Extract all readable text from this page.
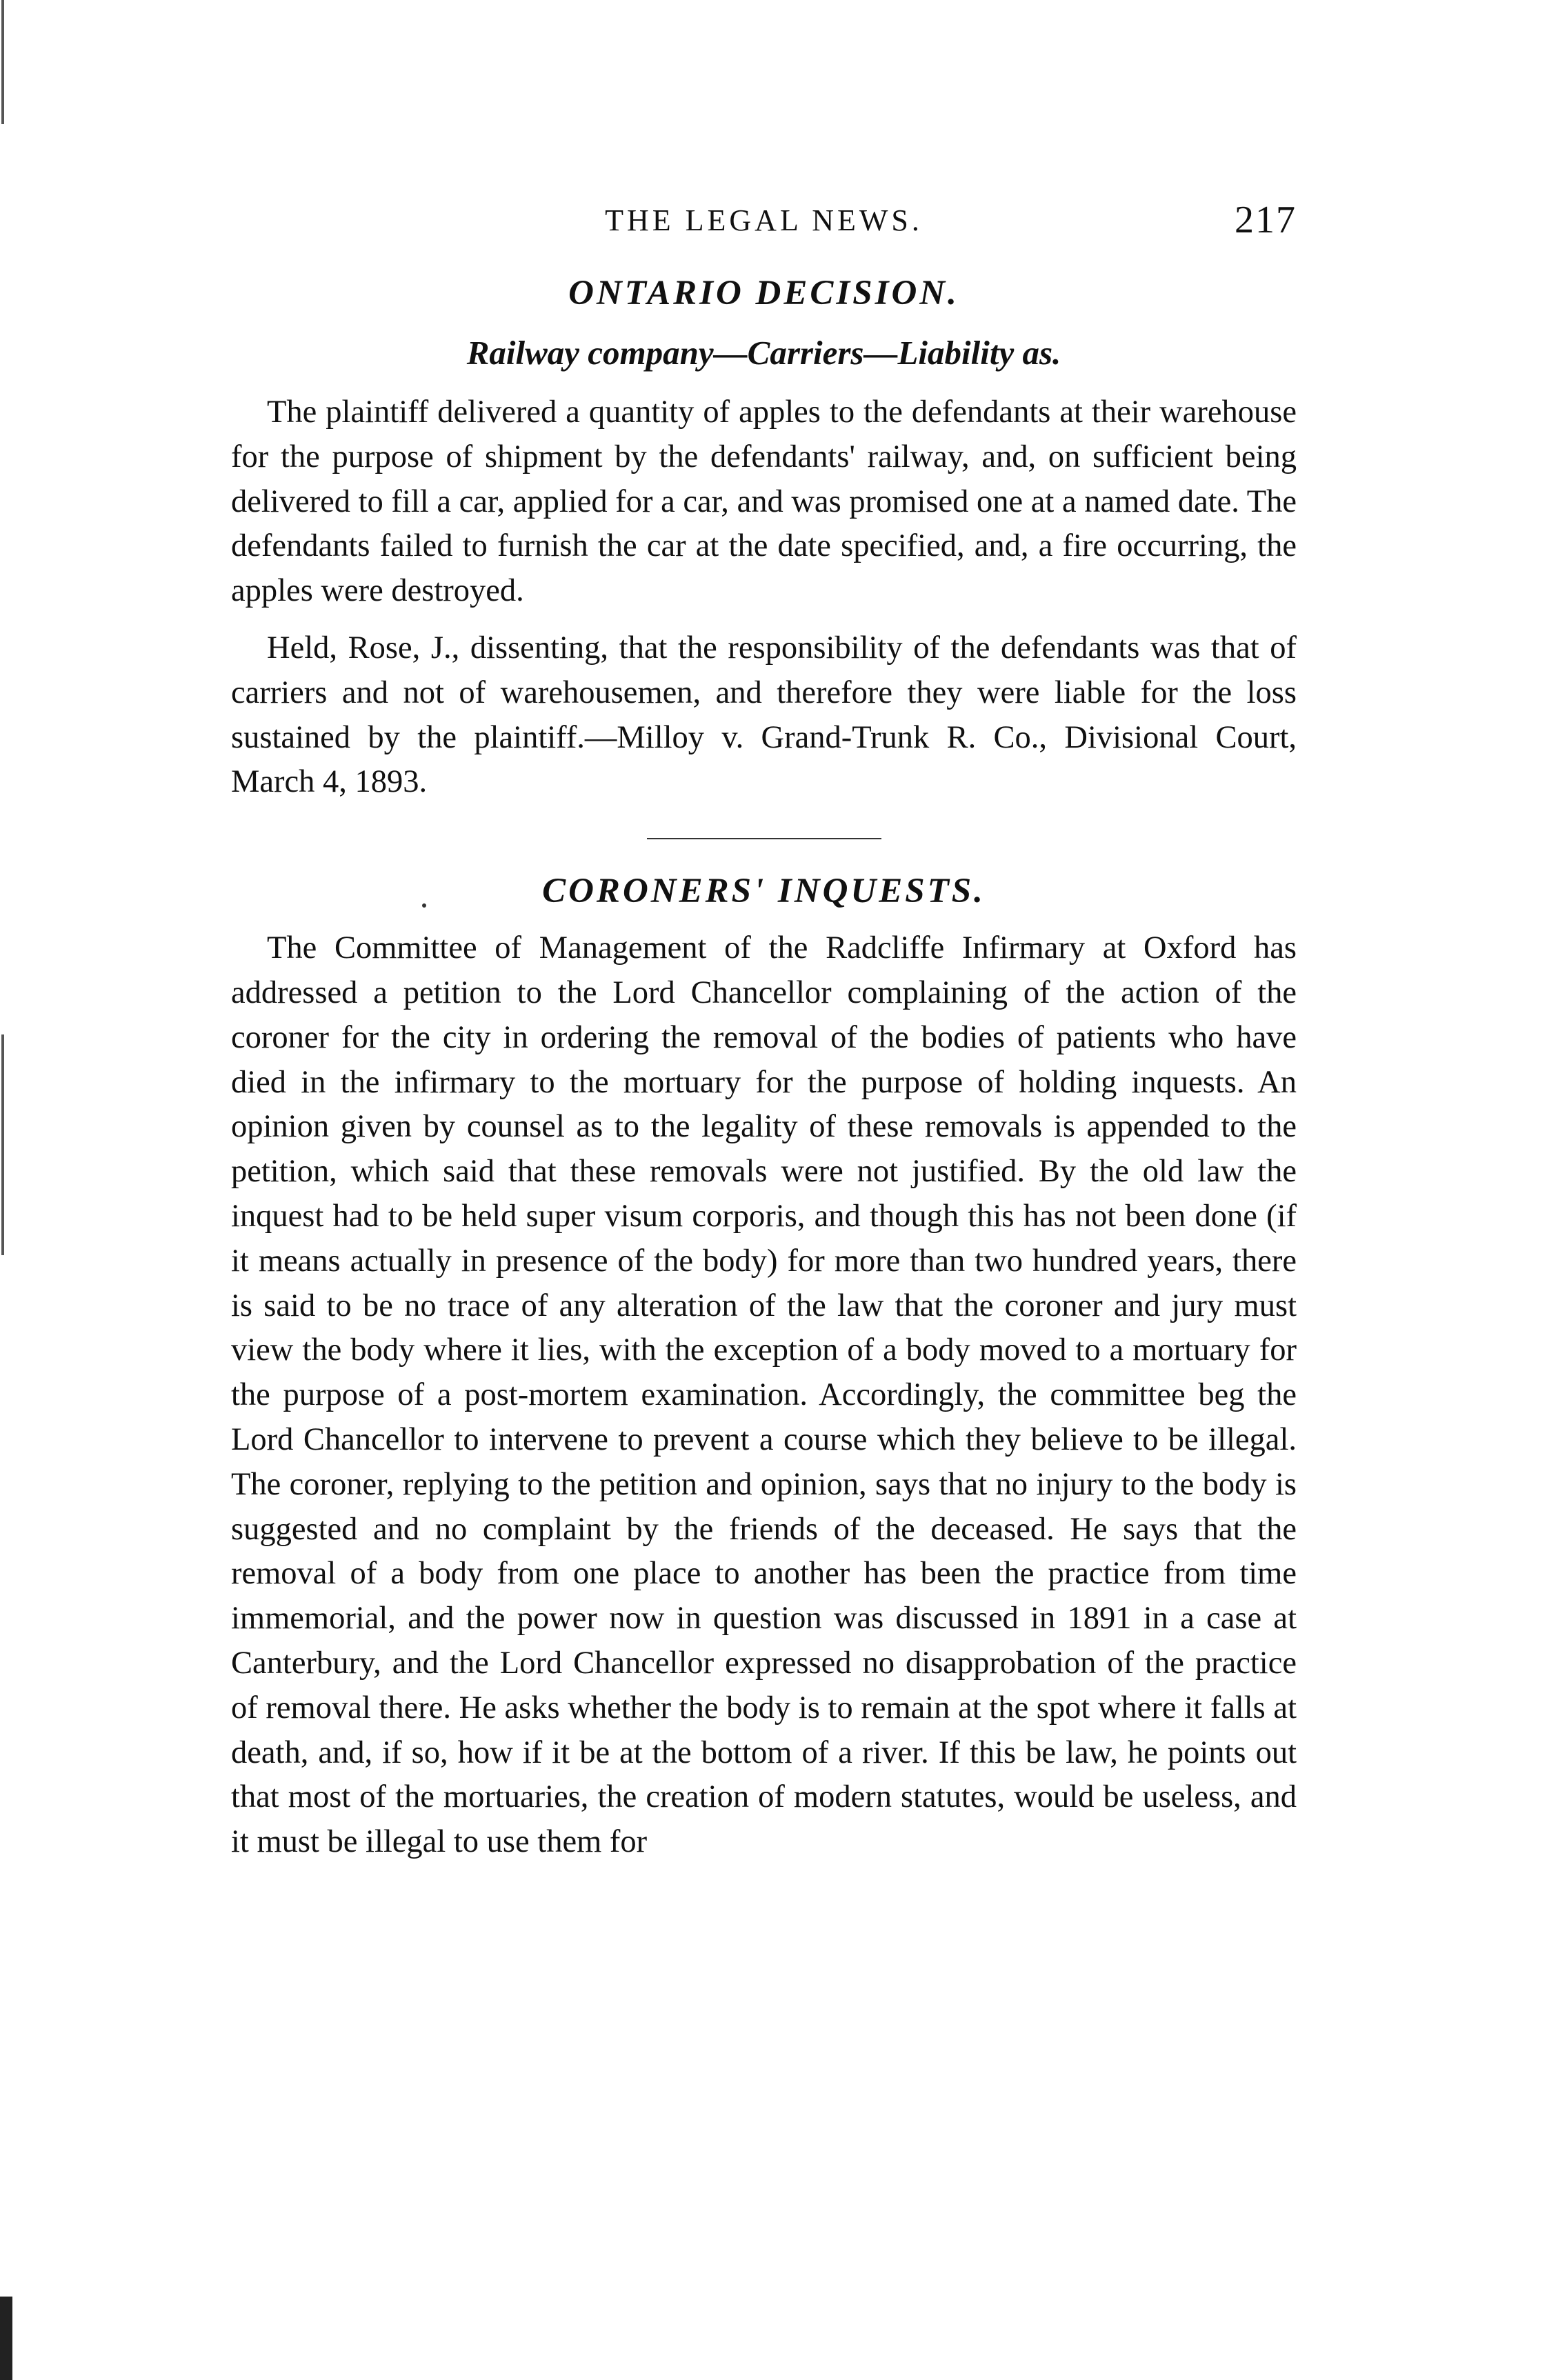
THE LEGAL NEWS.	217
ONTARIO DECISION.
Railway company—Carriers—Liability as.

The plaintiff delivered a quantity of apples to the defendants at their warehouse for the purpose of shipment by the defendants' railway, and, on sufficient being delivered to fill a car, applied for a car, and was promised one at a named date. The defendants failed to furnish the car at the date specified, and, a fire occurring, the apples were destroyed.

Held, Rose, J., dissenting, that the responsibility of the defendants was that of carriers and not of warehousemen, and therefore they were liable for the loss sustained by the plaintiff.—Milloy v. Grand-Trunk R. Co., Divisional Court, March 4, 1893.

CORONERS' INQUESTS.

The Committee of Management of the Radcliffe Infirmary at Oxford has addressed a petition to the Lord Chancellor complaining of the action of the coroner for the city in ordering the removal of the bodies of patients who have died in the infirmary to the mortuary for the purpose of holding inquests. An opinion given by counsel as to the legality of these removals is appended to the petition, which said that these removals were not justified. By the old law the inquest had to be held super visum corporis, and though this has not been done (if it means actually in presence of the body) for more than two hundred years, there is said to be no trace of any alteration of the law that the coroner and jury must view the body where it lies, with the exception of a body moved to a mortuary for the purpose of a post-mortem examination. Accordingly, the committee beg the Lord Chancellor to intervene to prevent a course which they believe to be illegal. The coroner, replying to the petition and opinion, says that no injury to the body is suggested and no complaint by the friends of the deceased. He says that the removal of a body from one place to another has been the practice from time immemorial, and the power now in question was discussed in 1891 in a case at Canterbury, and the Lord Chancellor expressed no disapprobation of the practice of removal there. He asks whether the body is to remain at the spot where it falls at death, and, if so, how if it be at the bottom of a river. If this be law, he points out that most of the mortuaries, the creation of modern statutes, would be useless, and it must be illegal to use them for
